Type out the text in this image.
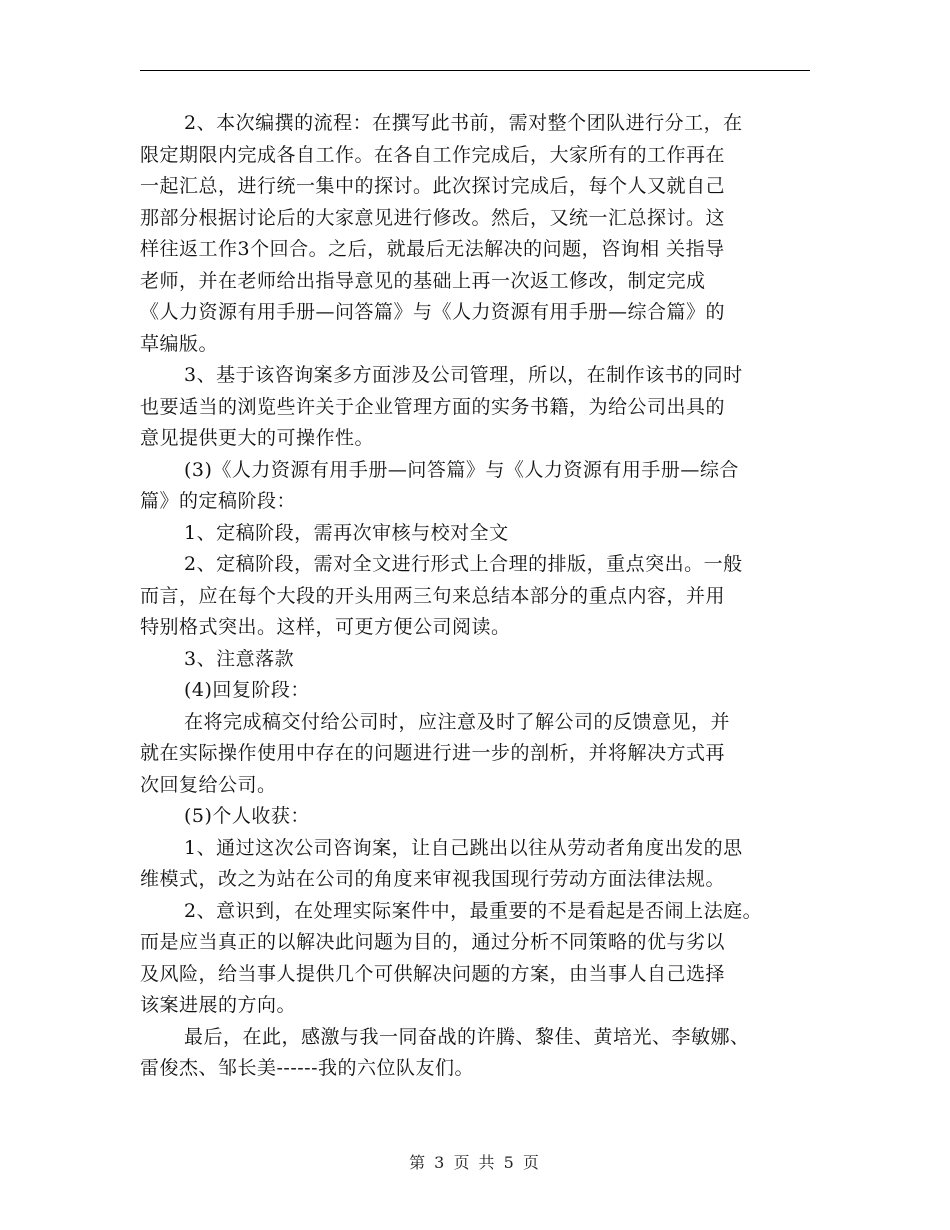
2、本次编撰的流程：在撰写此书前，需对整个团队进行分工，在
限定期限内完成各自工作。在各自工作完成后，大家所有的工作再在
一起汇总，进行统一集中的探讨。此次探讨完成后，每个人又就自己
那部分根据讨论后的大家意见进行修改。然后，又统一汇总探讨。这
样往返工作3个回合。之后，就最后无法解决的问题，咨询相 关指导
老师，并在老师给出指导意见的基础上再一次返工修改，制定完成
《人力资源有用手册—问答篇》与《人力资源有用手册—综合篇》的
草编版。
3、基于该咨询案多方面涉及公司管理，所以，在制作该书的同时
也要适当的浏览些许关于企业管理方面的实务书籍，为给公司出具的
意见提供更大的可操作性。
(3)《人力资源有用手册—问答篇》与《人力资源有用手册—综合
篇》的定稿阶段：
1、定稿阶段，需再次审核与校对全文
2、定稿阶段，需对全文进行形式上合理的排版，重点突出。一般
而言，应在每个大段的开头用两三句来总结本部分的重点内容，并用
特别格式突出。这样，可更方便公司阅读。
3、注意落款
(4)回复阶段：
在将完成稿交付给公司时，应注意及时了解公司的反馈意见，并
就在实际操作使用中存在的问题进行进一步的剖析，并将解决方式再
次回复给公司。
(5)个人收获：
1、通过这次公司咨询案，让自己跳出以往从劳动者角度出发的思
维模式，改之为站在公司的角度来审视我国现行劳动方面法律法规。
2、意识到，在处理实际案件中，最重要的不是看起是否闹上法庭。
而是应当真正的以解决此问题为目的，通过分析不同策略的优与劣以
及风险，给当事人提供几个可供解决问题的方案，由当事人自己选择
该案进展的方向。
最后，在此，感激与我一同奋战的许腾、黎佳、黄培光、李敏娜、
雷俊杰、邹长美------我的六位队友们。
第 3 页 共 5 页
